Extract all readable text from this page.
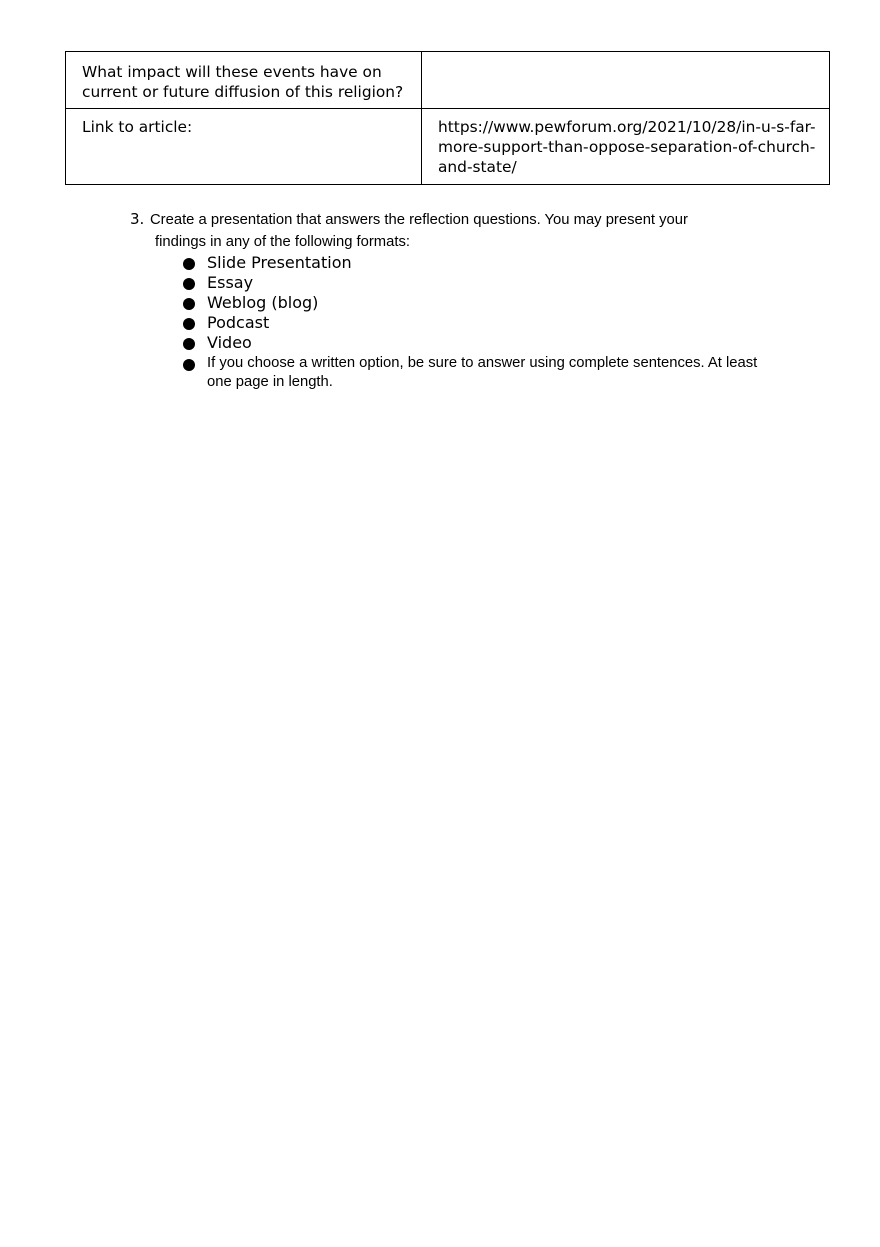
What impact will these events have on current or future diffusion of this religion?	
Link to article:	https://www.pewforum.org/2021/10/28/in-u-s-far-more-support-than-oppose-separation-of-church-and-state/
3. Create a presentation that answers the reflection questions. You may present your
findings in any of the following formats:
Slide Presentation
Essay
Weblog (blog)
Podcast
Video
If you choose a written option, be sure to answer using complete sentences. At least one page in length.
